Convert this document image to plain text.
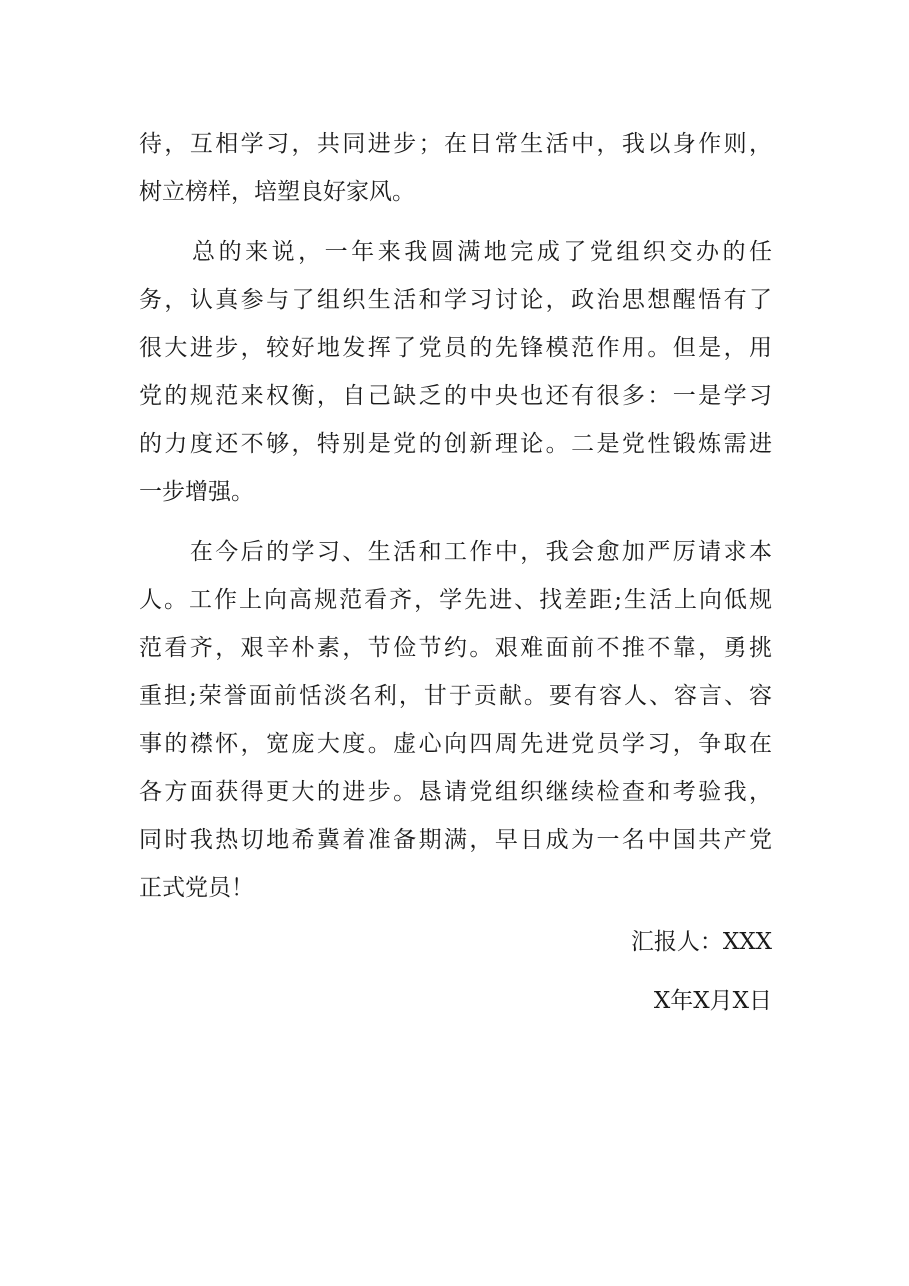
待，互相学习，共同进步；在日常生活中，我以身作则，
树立榜样，培塑良好家风。
　　总的来说，一年来我圆满地完成了党组织交办的任
务，认真参与了组织生活和学习讨论，政治思想醒悟有了
很大进步，较好地发挥了党员的先锋模范作用。但是，用
党的规范来权衡，自己缺乏的中央也还有很多：一是学习
的力度还不够，特别是党的创新理论。二是党性锻炼需进
一步增强。
　　在今后的学习、生活和工作中，我会愈加严厉请求本
人。工作上向高规范看齐，学先进、找差距;生活上向低规
范看齐，艰辛朴素，节俭节约。艰难面前不推不靠，勇挑
重担;荣誉面前恬淡名利，甘于贡献。要有容人、容言、容
事的襟怀，宽庞大度。虚心向四周先进党员学习，争取在
各方面获得更大的进步。恳请党组织继续检查和考验我，
同时我热切地希冀着准备期满，早日成为一名中国共产党
正式党员！
汇报人：XXX
X年X月X日
